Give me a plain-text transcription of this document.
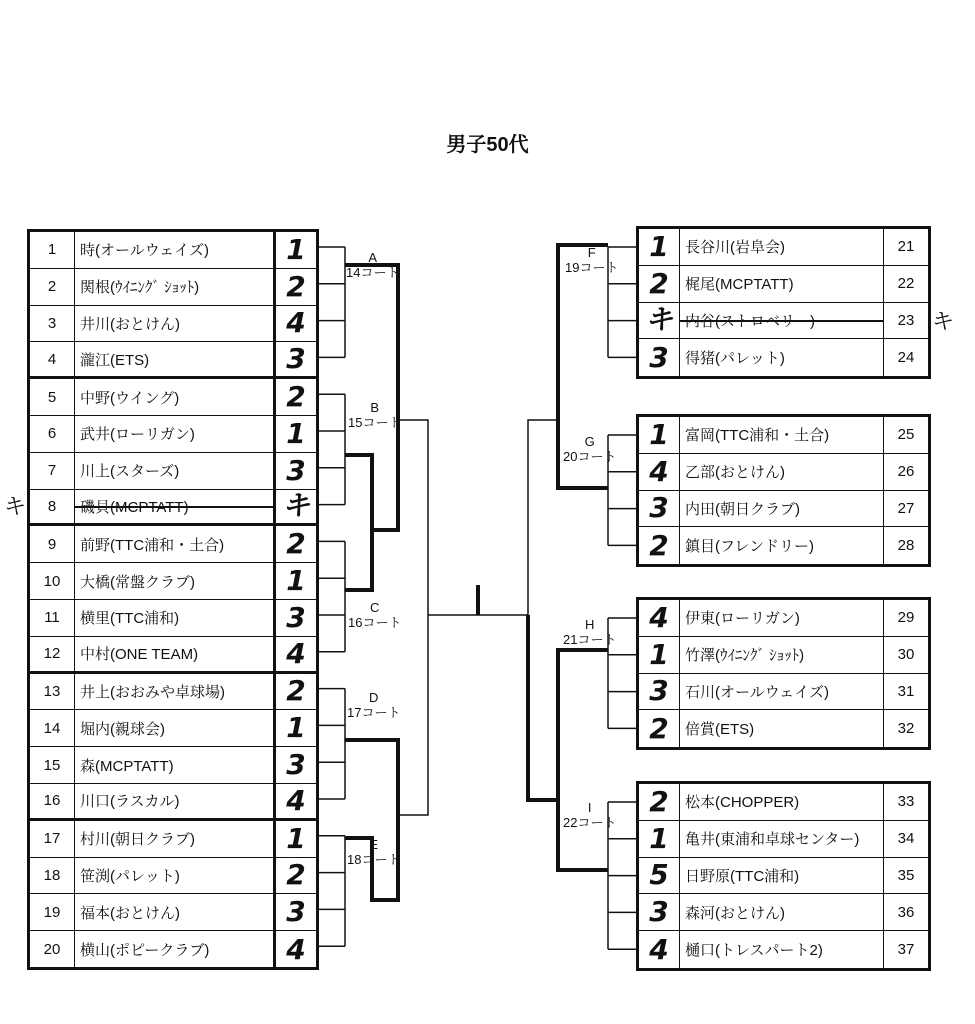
男子50代
1	時(オールウェイズ)	1
2	関根(ｳｲﾆﾝｸﾞ ｼｮｯﾄ)	2
3	井川(おとけん)	4
4	瀧江(ETS)	3
5	中野(ウイング)	2
6	武井(ローリガン)	1
7	川上(スターズ)	3
8	磯貝(MCPTATT)	キ
9	前野(TTC浦和・土合)	2
10	大橋(常盤クラブ)	1
11	横里(TTC浦和)	3
12	中村(ONE TEAM)	4
13	井上(おおみや卓球場)	2
14	堀内(親球会)	1
15	森(MCPTATT)	3
16	川口(ラスカル)	4
17	村川(朝日クラブ)	1
18	笹渕(パレット)	2
19	福本(おとけん)	3
20	横山(ポピークラブ)	4
1	長谷川(岩阜会)	21
2	梶尾(MCPTATT)	22
キ 内谷(ストロベリー)	23
3	得猪(パレット)	24
1	富岡(TTC浦和・土合)	25
4	乙部(おとけん)	26
3	内田(朝日クラブ)	27
2	鎮目(フレンドリー)	28
4	伊東(ローリガン)	29
1	竹澤(ｳｲﾆﾝｸﾞ ｼｮｯﾄ)	30
3	石川(オールウェイズ)	31
2	倍賞(ETS)	32
2	松本(CHOPPER)	33
1	亀井(東浦和卓球センター)	34
5	日野原(TTC浦和)	35
3	森河(おとけん)	36
4	樋口(トレスパート2)	37
A
14コート
B
15コート
C
16コート
D
17コート
E
18コート
F
19コート
G
20コート
H
21コート
I
22コート
キ
キ
